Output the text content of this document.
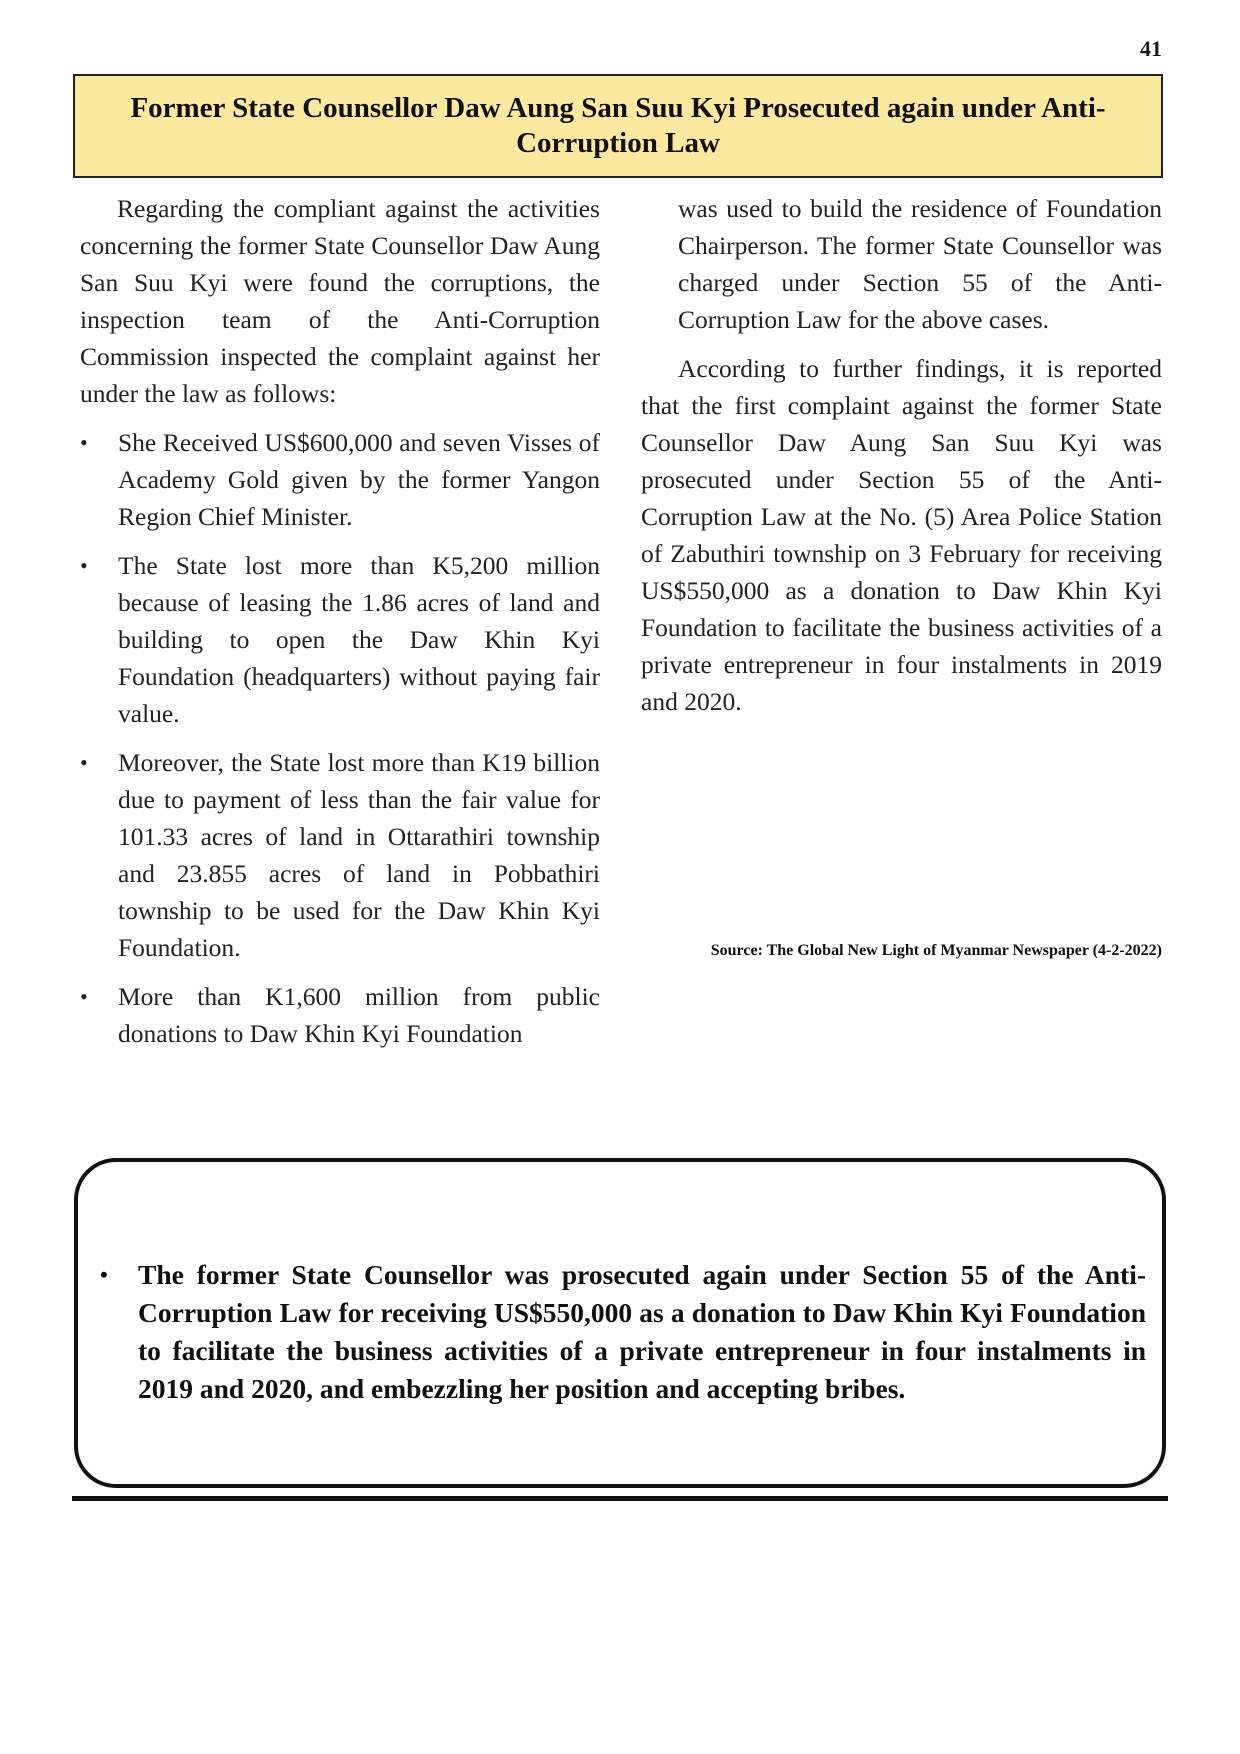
41
Former State Counsellor Daw Aung San Suu Kyi Prosecuted again under Anti-Corruption Law

Regarding the compliant against the activities concerning the former State Counsellor Daw Aung San Suu Kyi were found the corruptions, the inspection team of the Anti-Corruption Commission inspected the complaint against her under the law as follows:

• She Received US$600,000 and seven Visses of Academy Gold given by the former Yangon Region Chief Minister.
• The State lost more than K5,200 million because of leasing the 1.86 acres of land and building to open the Daw Khin Kyi Foundation (headquarters) without paying fair value.
• Moreover, the State lost more than K19 billion due to payment of less than the fair value for 101.33 acres of land in Ottarathiri township and 23.855 acres of land in Pobbathiri township to be used for the Daw Khin Kyi Foundation.
• More than K1,600 million from public donations to Daw Khin Kyi Foundation

was used to build the residence of Foundation Chairperson. The former State Counsellor was charged under Section 55 of the Anti-Corruption Law for the above cases.

According to further findings, it is reported that the first complaint against the former State Counsellor Daw Aung San Suu Kyi was prosecuted under Section 55 of the Anti-Corruption Law at the No. (5) Area Police Station of Zabuthiri township on 3 February for receiving US$550,000 as a donation to Daw Khin Kyi Foundation to facilitate the business activities of a private entrepreneur in four instalments in 2019 and 2020.

Source: The Global New Light of Myanmar Newspaper (4-2-2022)
• The former State Counsellor was prosecuted again under Section 55 of the Anti-Corruption Law for receiving US$550,000 as a donation to Daw Khin Kyi Foundation to facilitate the business activities of a private entrepreneur in four instalments in 2019 and 2020, and embezzling her position and accepting bribes.
